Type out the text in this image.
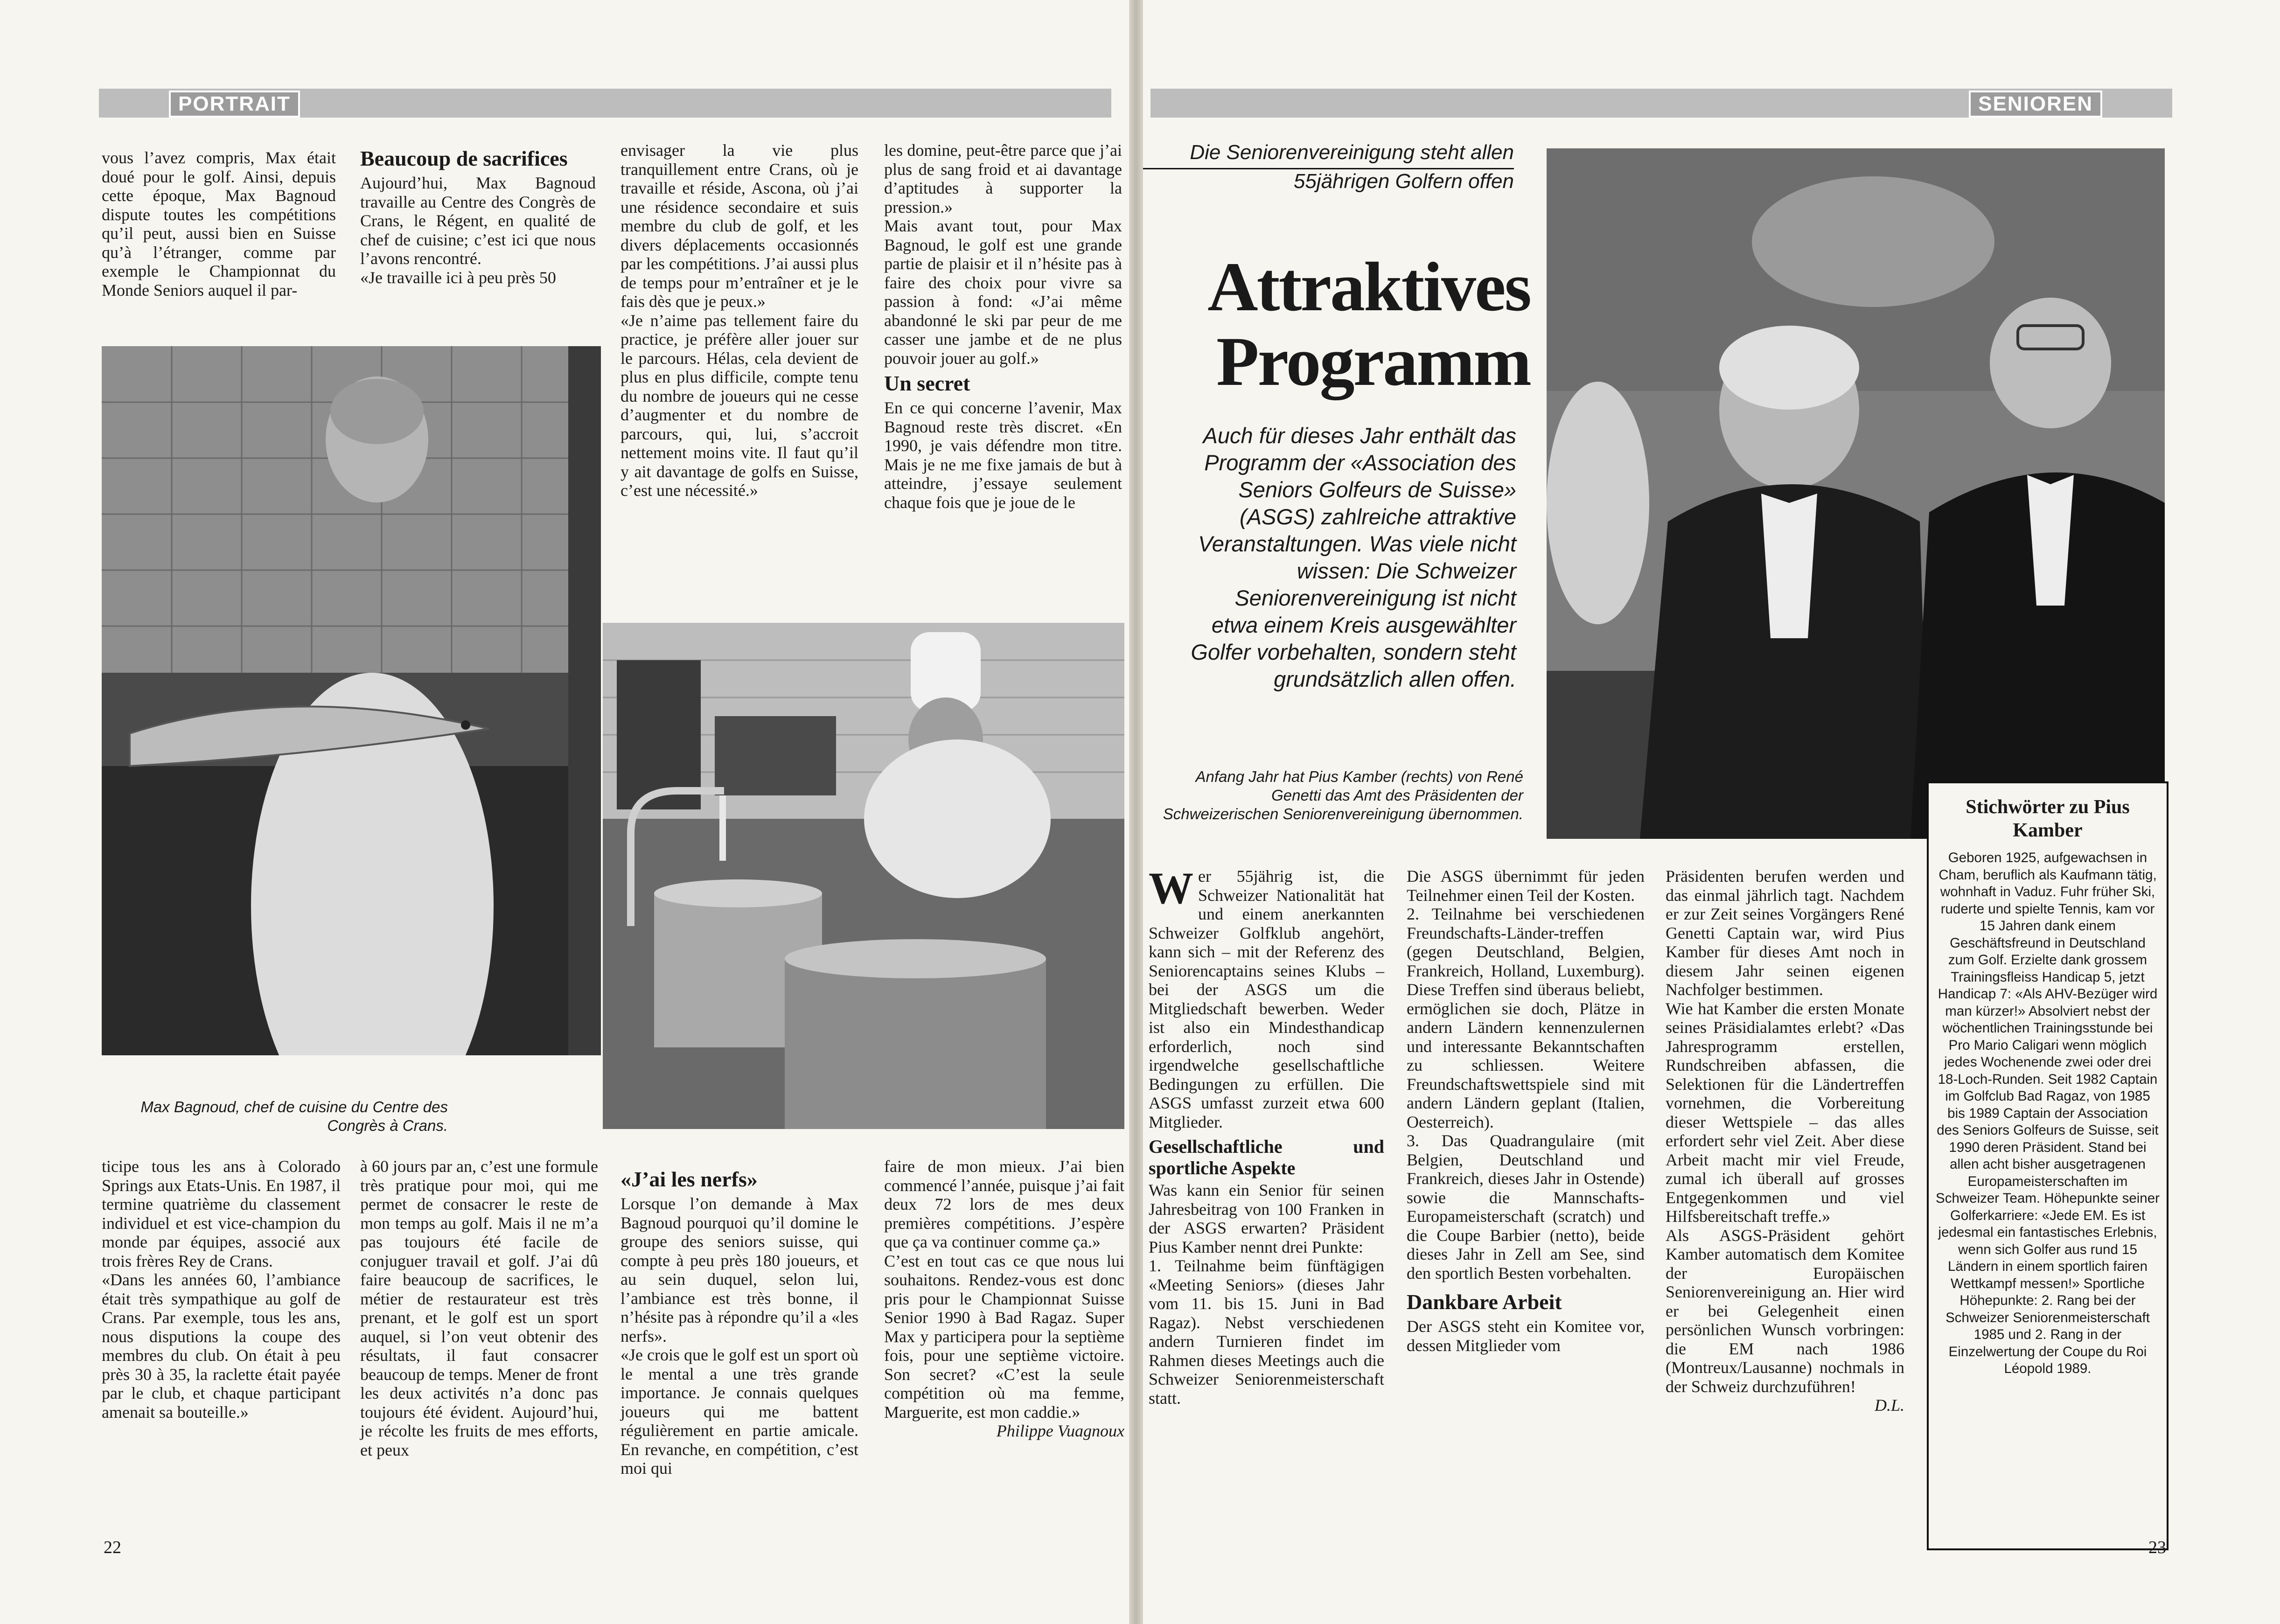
PORTRAIT

vous l’avez compris, Max était doué pour le golf. Ainsi, depuis cette époque, Max Bagnoud dispute toutes les compétitions qu’il peut, aussi bien en Suisse qu’à l’étranger, comme par exemple le Championnat du Monde Seniors auquel il par-

Beaucoup de sacrifices

Aujourd’hui, Max Bagnoud travaille au Centre des Congrès de Crans, le Régent, en qualité de chef de cuisine; c’est ici que nous l’avons rencontré.

«Je travaille ici à peu près 50

envisager la vie plus tranquillement entre Crans, où je travaille et réside, Ascona, où j’ai une résidence secondaire et suis membre du club de golf, et les divers déplacements occasionnés par les compétitions. J’ai aussi plus de temps pour m’entraîner et je le fais dès que je peux.»

«Je n’aime pas tellement faire du practice, je préfère aller jouer sur le parcours. Hélas, cela devient de plus en plus difficile, compte tenu du nombre de joueurs qui ne cesse d’augmenter et du nombre de parcours, qui, lui, s’accroit nettement moins vite. Il faut qu’il y ait davantage de golfs en Suisse, c’est une nécessité.»

les domine, peut-être parce que j’ai plus de sang froid et ai davantage d’aptitudes à supporter la pression.»

Mais avant tout, pour Max Bagnoud, le golf est une grande partie de plaisir et il n’hésite pas à faire des choix pour vivre sa passion à fond: «J’ai même abandonné le ski par peur de me casser une jambe et de ne plus pouvoir jouer au golf.»

Un secret

En ce qui concerne l’avenir, Max Bagnoud reste très discret. «En 1990, je vais défendre mon titre. Mais je ne me fixe jamais de but à atteindre, j’essaye seulement chaque fois que je joue de le

Max Bagnoud, chef de cuisine du Centre des Congrès à Crans.

ticipe tous les ans à Colorado Springs aux Etats-Unis. En 1987, il termine quatrième du classement individuel et est vice-champion du monde par équipes, associé aux trois frères Rey de Crans.

«Dans les années 60, l’ambiance était très sympathique au golf de Crans. Par exemple, tous les ans, nous disputions la coupe des membres du club. On était à peu près 30 à 35, la raclette était payée par le club, et chaque participant amenait sa bouteille.»

à 60 jours par an, c’est une formule très pratique pour moi, qui me permet de consacrer le reste de mon temps au golf. Mais il ne m’a pas toujours été facile de conjuguer travail et golf. J’ai dû faire beaucoup de sacrifices, le métier de restaurateur est très prenant, et le golf est un sport auquel, si l’on veut obtenir des résultats, il faut consacrer beaucoup de temps. Mener de front les deux activités n’a donc pas toujours été évident. Aujourd’hui, je récolte les fruits de mes efforts, et peux

«J’ai les nerfs»

Lorsque l’on demande à Max Bagnoud pourquoi qu’il domine le groupe des seniors suisse, qui compte à peu près 180 joueurs, et au sein duquel, selon lui, l’ambiance est très bonne, il n’hésite pas à répondre qu’il a «les nerfs».

«Je crois que le golf est un sport où le mental a une très grande importance. Je connais quelques joueurs qui me battent régulièrement en partie amicale. En revanche, en compétition, c’est moi qui

faire de mon mieux. J’ai bien commencé l’année, puisque j’ai fait deux 72 lors de mes deux premières compétitions. J’espère que ça va continuer comme ça.»

C’est en tout cas ce que nous lui souhaitons. Rendez-vous est donc pris pour le Championnat Suisse Senior 1990 à Bad Ragaz. Super Max y participera pour la septième fois, pour une septième victoire. Son secret? «C’est la seule compétition où ma femme, Marguerite, est mon caddie.»

Philippe Vuagnoux

22
SENIOREN
Die Seniorenvereinigung steht allen
55jährigen Golfern offen
Attraktives
Programm
Auch für dieses Jahr enthält das Programm der «Association des Seniors Golfeurs de Suisse» (ASGS) zahlreiche attraktive Veranstaltungen. Was viele nicht wissen: Die Schweizer Seniorenvereinigung ist nicht etwa einem Kreis ausgewählter Golfer vorbehalten, sondern steht grundsätzlich allen offen.
Anfang Jahr hat Pius Kamber (rechts) von René Genetti das Amt des Präsidenten der Schweizerischen Seniorenvereinigung übernommen.	Stichwörter zu Pius Kamber
Geboren 1925, aufgewachsen in Cham, beruflich als Kaufmann tätig, wohnhaft in Vaduz. Fuhr früher Ski, ruderte und spielte Tennis, kam vor 15 Jahren dank einem Geschäftsfreund in Deutschland zum Golf. Erzielte dank grossem Trainingsfleiss Handicap 5, jetzt Handicap 7: «Als AHV-Bezüger wird man kürzer!» Absolviert nebst der wöchentlichen Trainingsstunde bei Pro Mario Caligari wenn möglich jedes Wochenende zwei oder drei 18-Loch-Runden. Seit 1982 Captain im Golfclub Bad Ragaz, von 1985 bis 1989 Captain der Association des Seniors Golfeurs de Suisse, seit 1990 deren Präsident. Stand bei allen acht bisher ausgetragenen Europameisterschaften im Schweizer Team. Höhepunkte seiner Golferkarriere: «Jede EM. Es ist jedesmal ein fantastisches Erlebnis, wenn sich Golfer aus rund 15 Ländern in einem sportlich fairen Wettkampf messen!» Sportliche Höhepunkte: 2. Rang bei der Schweizer Seniorenmeisterschaft 1985 und 2. Rang in der Einzelwertung der Coupe du Roi Léopold 1989.
W er 55jährig ist, die Schweizer Nationalität hat und einem anerkannten Schweizer Golfklub angehört, kann sich – mit der Referenz des Seniorencaptains seines Klubs – bei der ASGS um die Mitgliedschaft bewerben. Weder ist also ein Mindesthandicap erforderlich, noch sind irgendwelche gesellschaftliche Bedingungen zu erfüllen. Die ASGS umfasst zurzeit etwa 600 Mitglieder.

Gesellschaftliche und sportliche Aspekte

Was kann ein Senior für seinen Jahresbeitrag von 100 Franken in der ASGS erwarten? Präsident Pius Kamber nennt drei Punkte:

1. Teilnahme beim fünftägigen «Meeting Seniors» (dieses Jahr vom 11. bis 15. Juni in Bad Ragaz). Nebst verschiedenen andern Turnieren findet im Rahmen dieses Meetings auch die Schweizer Seniorenmeisterschaft statt.

Die ASGS übernimmt für jeden Teilnehmer einen Teil der Kosten.

2. Teilnahme bei verschiedenen Freundschafts-Länder-treffen (gegen Deutschland, Belgien, Frankreich, Holland, Luxemburg). Diese Treffen sind überaus beliebt, ermöglichen sie doch, Plätze in andern Ländern kennenzulernen und interessante Bekanntschaften zu schliessen. Weitere Freundschaftswettspiele sind mit andern Ländern geplant (Italien, Oesterreich).

3. Das Quadrangulaire (mit Belgien, Deutschland und Frankreich, dieses Jahr in Ostende) sowie die Mannschafts-Europameisterschaft (scratch) und die Coupe Barbier (netto), beide dieses Jahr in Zell am See, sind den sportlich Besten vorbehalten.

Dankbare Arbeit

Der ASGS steht ein Komitee vor, dessen Mitglieder vom

Präsidenten berufen werden und das einmal jährlich tagt. Nachdem er zur Zeit seines Vorgängers René Genetti Captain war, wird Pius Kamber für dieses Amt noch in diesem Jahr seinen eigenen Nachfolger bestimmen.

Wie hat Kamber die ersten Monate seines Präsidialamtes erlebt? «Das Jahresprogramm erstellen, Rundschreiben abfassen, die Selektionen für die Ländertreffen vornehmen, die Vorbereitung dieser Wettspiele – das alles erfordert sehr viel Zeit. Aber diese Arbeit macht mir viel Freude, zumal ich überall auf grosses Entgegenkommen und viel Hilfsbereitschaft treffe.»

Als ASGS-Präsident gehört Kamber automatisch dem Komitee der Europäischen Seniorenvereinigung an. Hier wird er bei Gelegenheit einen persönlichen Wunsch vorbringen: die EM nach 1986 (Montreux/Lausanne) nochmals in der Schweiz durchzuführen!

D.L.

23
